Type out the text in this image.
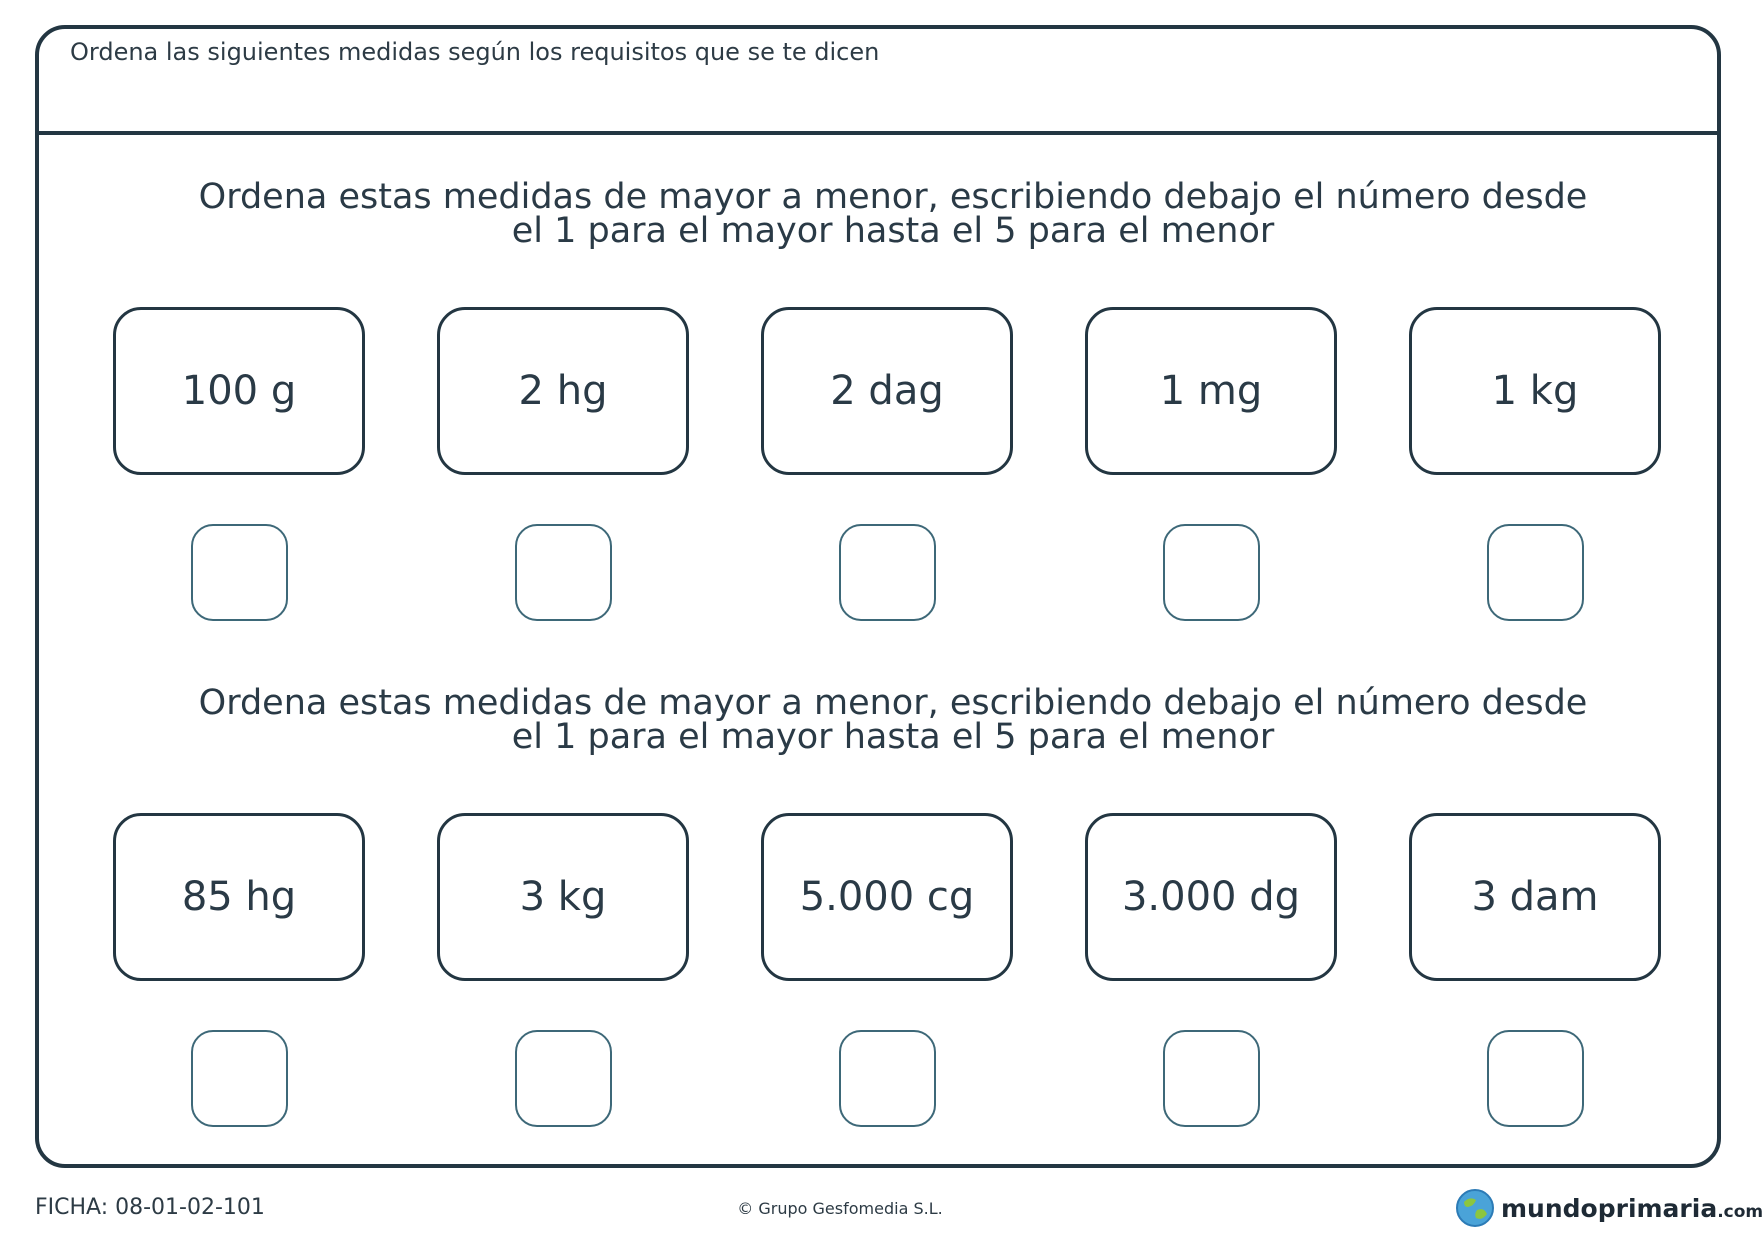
Ordena las siguientes medidas según los requisitos que se te dicen
Ordena estas medidas de mayor a menor, escribiendo debajo el número desde
el 1 para el mayor hasta el 5 para el menor
100 g	2 hg	2 dag	1 mg	1 kg
Ordena estas medidas de mayor a menor, escribiendo debajo el número desde
el 1 para el mayor hasta el 5 para el menor
85 hg	3 kg	5.000 cg	3.000 dg	3 dam
FICHA: 08-01-02-101	© Grupo Gesfomedia S.L.	mundoprimaria.com
